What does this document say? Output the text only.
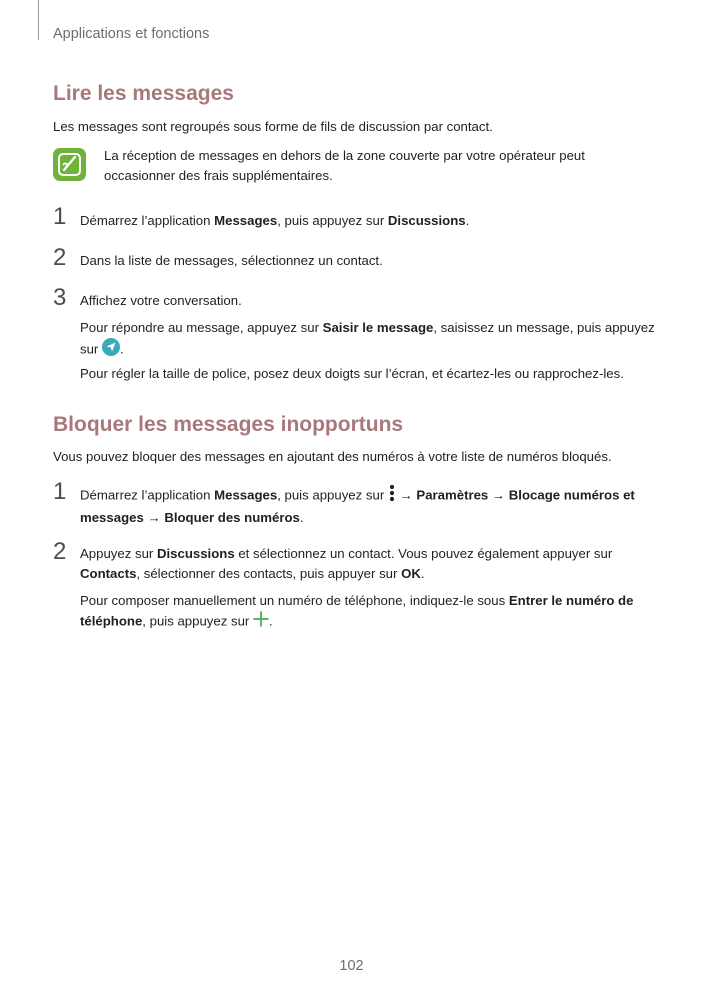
Applications et fonctions
Lire les messages
Les messages sont regroupés sous forme de fils de discussion par contact.
La réception de messages en dehors de la zone couverte par votre opérateur peut occasionner des frais supplémentaires.
1 Démarrez l’application Messages, puis appuyez sur Discussions.
2 Dans la liste de messages, sélectionnez un contact.
3 Affichez votre conversation.
Pour répondre au message, appuyez sur Saisir le message, saisissez un message, puis appuyez sur .
Pour régler la taille de police, posez deux doigts sur l’écran, et écartez-les ou rapprochez-les.
Bloquer les messages inopportuns
Vous pouvez bloquer des messages en ajoutant des numéros à votre liste de numéros bloqués.
1 Démarrez l’application Messages, puis appuyez sur  → Paramètres → Blocage numéros et messages → Bloquer des numéros.
2 Appuyez sur Discussions et sélectionnez un contact. Vous pouvez également appuyer sur Contacts, sélectionner des contacts, puis appuyer sur OK.
Pour composer manuellement un numéro de téléphone, indiquez-le sous Entrer le numéro de téléphone, puis appuyez sur .
102
